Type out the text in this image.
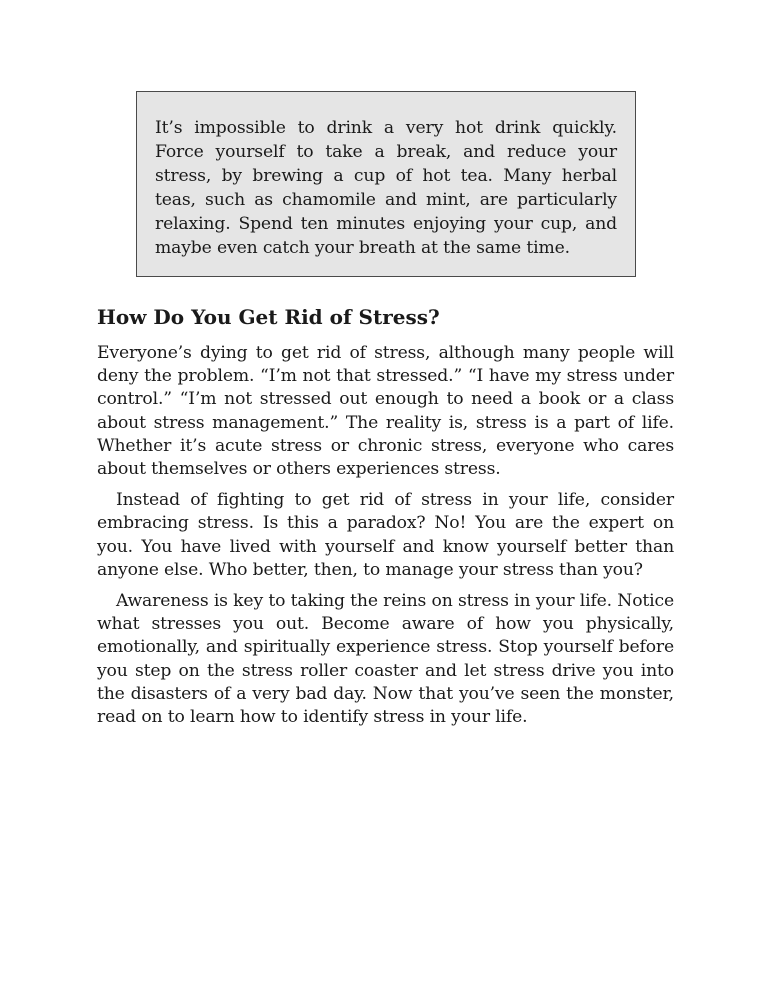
It’s impossible to drink a very hot drink quickly. Force yourself to take a break, and reduce your stress, by brewing a cup of hot tea. Many herbal teas, such as chamomile and mint, are particularly relaxing. Spend ten minutes enjoying your cup, and maybe even catch your breath at the same time.

How Do You Get Rid of Stress?

Everyone’s dying to get rid of stress, although many people will deny the problem. “I’m not that stressed.” “I have my stress under control.” “I’m not stressed out enough to need a book or a class about stress management.” The reality is, stress is a part of life. Whether it’s acute stress or chronic stress, everyone who cares about themselves or others experiences stress.

Instead of fighting to get rid of stress in your life, consider embracing stress. Is this a paradox? No! You are the expert on you. You have lived with yourself and know yourself better than anyone else. Who better, then, to manage your stress than you?

Awareness is key to taking the reins on stress in your life. Notice what stresses you out. Become aware of how you physically, emotionally, and spiritually experience stress. Stop yourself before you step on the stress roller coaster and let stress drive you into the disasters of a very bad day. Now that you’ve seen the monster, read on to learn how to identify stress in your life.
